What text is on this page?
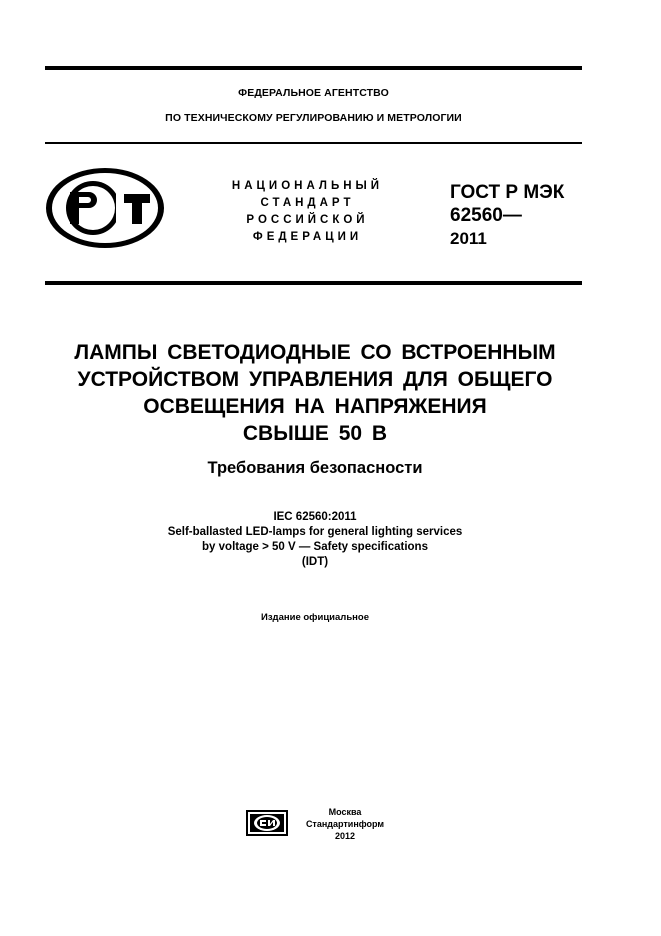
ФЕДЕРАЛЬНОЕ АГЕНТСТВО
ПО ТЕХНИЧЕСКОМУ РЕГУЛИРОВАНИЮ И МЕТРОЛОГИИ
НАЦИОНАЛЬНЫЙ
СТАНДАРТ
РОССИЙСКОЙ
ФЕДЕРАЦИИ
ГОСТ Р МЭК
62560—
2011
ЛАМПЫ СВЕТОДИОДНЫЕ СО ВСТРОЕННЫМ
УСТРОЙСТВОМ УПРАВЛЕНИЯ ДЛЯ ОБЩЕГО
ОСВЕЩЕНИЯ НА НАПРЯЖЕНИЯ
СВЫШЕ 50 В
Требования безопасности
IEC 62560:2011
Self-ballasted LED-lamps for general lighting services
by voltage > 50 V — Safety specifications
(IDT)
Издание официальное
Москва
Стандартинформ
2012
